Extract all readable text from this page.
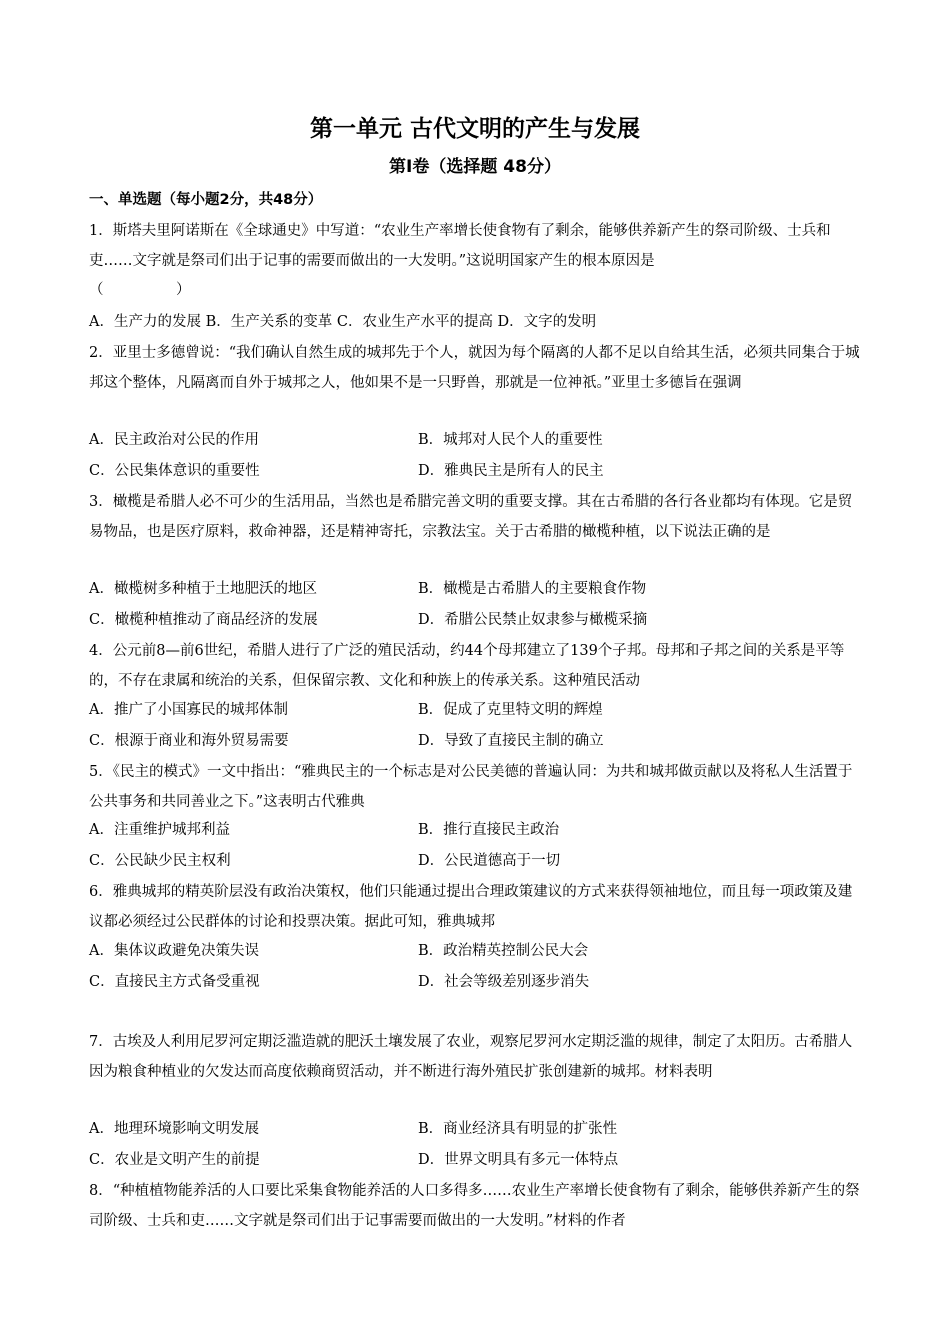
第一单元 古代文明的产生与发展
第Ⅰ卷（选择题 48分）
一、单选题（每小题2分，共48分）
1．斯塔夫里阿诺斯在《全球通史》中写道：“农业生产率增长使食物有了剩余，能够供养新产生的祭司阶级、士兵和吏……文字就是祭司们出于记事的需要而做出的一大发明。”这说明国家产生的根本原因是
（　　　　　）
A．生产力的发展 B．生产关系的变革 C．农业生产水平的提高 D．文字的发明
2．亚里士多德曾说：“我们确认自然生成的城邦先于个人，就因为每个隔离的人都不足以自给其生活，必须共同集合于城邦这个整体，凡隔离而自外于城邦之人，他如果不是一只野兽，那就是一位神祇。”亚里士多德旨在强调
A．民主政治对公民的作用	B．城邦对人民个人的重要性
C．公民集体意识的重要性	D．雅典民主是所有人的民主
3．橄榄是希腊人必不可少的生活用品，当然也是希腊完善文明的重要支撑。其在古希腊的各行各业都均有体现。它是贸易物品，也是医疗原料，救命神器，还是精神寄托，宗教法宝。关于古希腊的橄榄种植，以下说法正确的是
A．橄榄树多种植于土地肥沃的地区	B．橄榄是古希腊人的主要粮食作物
C．橄榄种植推动了商品经济的发展	D．希腊公民禁止奴隶参与橄榄采摘
4．公元前8—前6世纪，希腊人进行了广泛的殖民活动，约44个母邦建立了139个子邦。母邦和子邦之间的关系是平等的，不存在隶属和统治的关系，但保留宗教、文化和种族上的传承关系。这种殖民活动
A．推广了小国寡民的城邦体制	B．促成了克里特文明的辉煌
C．根源于商业和海外贸易需要	D．导致了直接民主制的确立
5．《民主的模式》一文中指出：“雅典民主的一个标志是对公民美德的普遍认同：为共和城邦做贡献以及将私人生活置于公共事务和共同善业之下。”这表明古代雅典
A．注重维护城邦利益	B．推行直接民主政治
C．公民缺少民主权利	D．公民道德高于一切
6．雅典城邦的精英阶层没有政治决策权，他们只能通过提出合理政策建议的方式来获得领袖地位，而且每一项政策及建议都必须经过公民群体的讨论和投票决策。据此可知，雅典城邦
A．集体议政避免决策失误	B．政治精英控制公民大会
C．直接民主方式备受重视	D．社会等级差别逐步消失
7．古埃及人利用尼罗河定期泛滥造就的肥沃土壤发展了农业，观察尼罗河水定期泛滥的规律，制定了太阳历。古希腊人因为粮食种植业的欠发达而高度依赖商贸活动，并不断进行海外殖民扩张创建新的城邦。材料表明
A．地理环境影响文明发展	B．商业经济具有明显的扩张性
C．农业是文明产生的前提	D．世界文明具有多元一体特点
8．“种植植物能养活的人口要比采集食物能养活的人口多得多……农业生产率增长使食物有了剩余，能够供养新产生的祭司阶级、士兵和吏……文字就是祭司们出于记事需要而做出的一大发明。”材料的作者
